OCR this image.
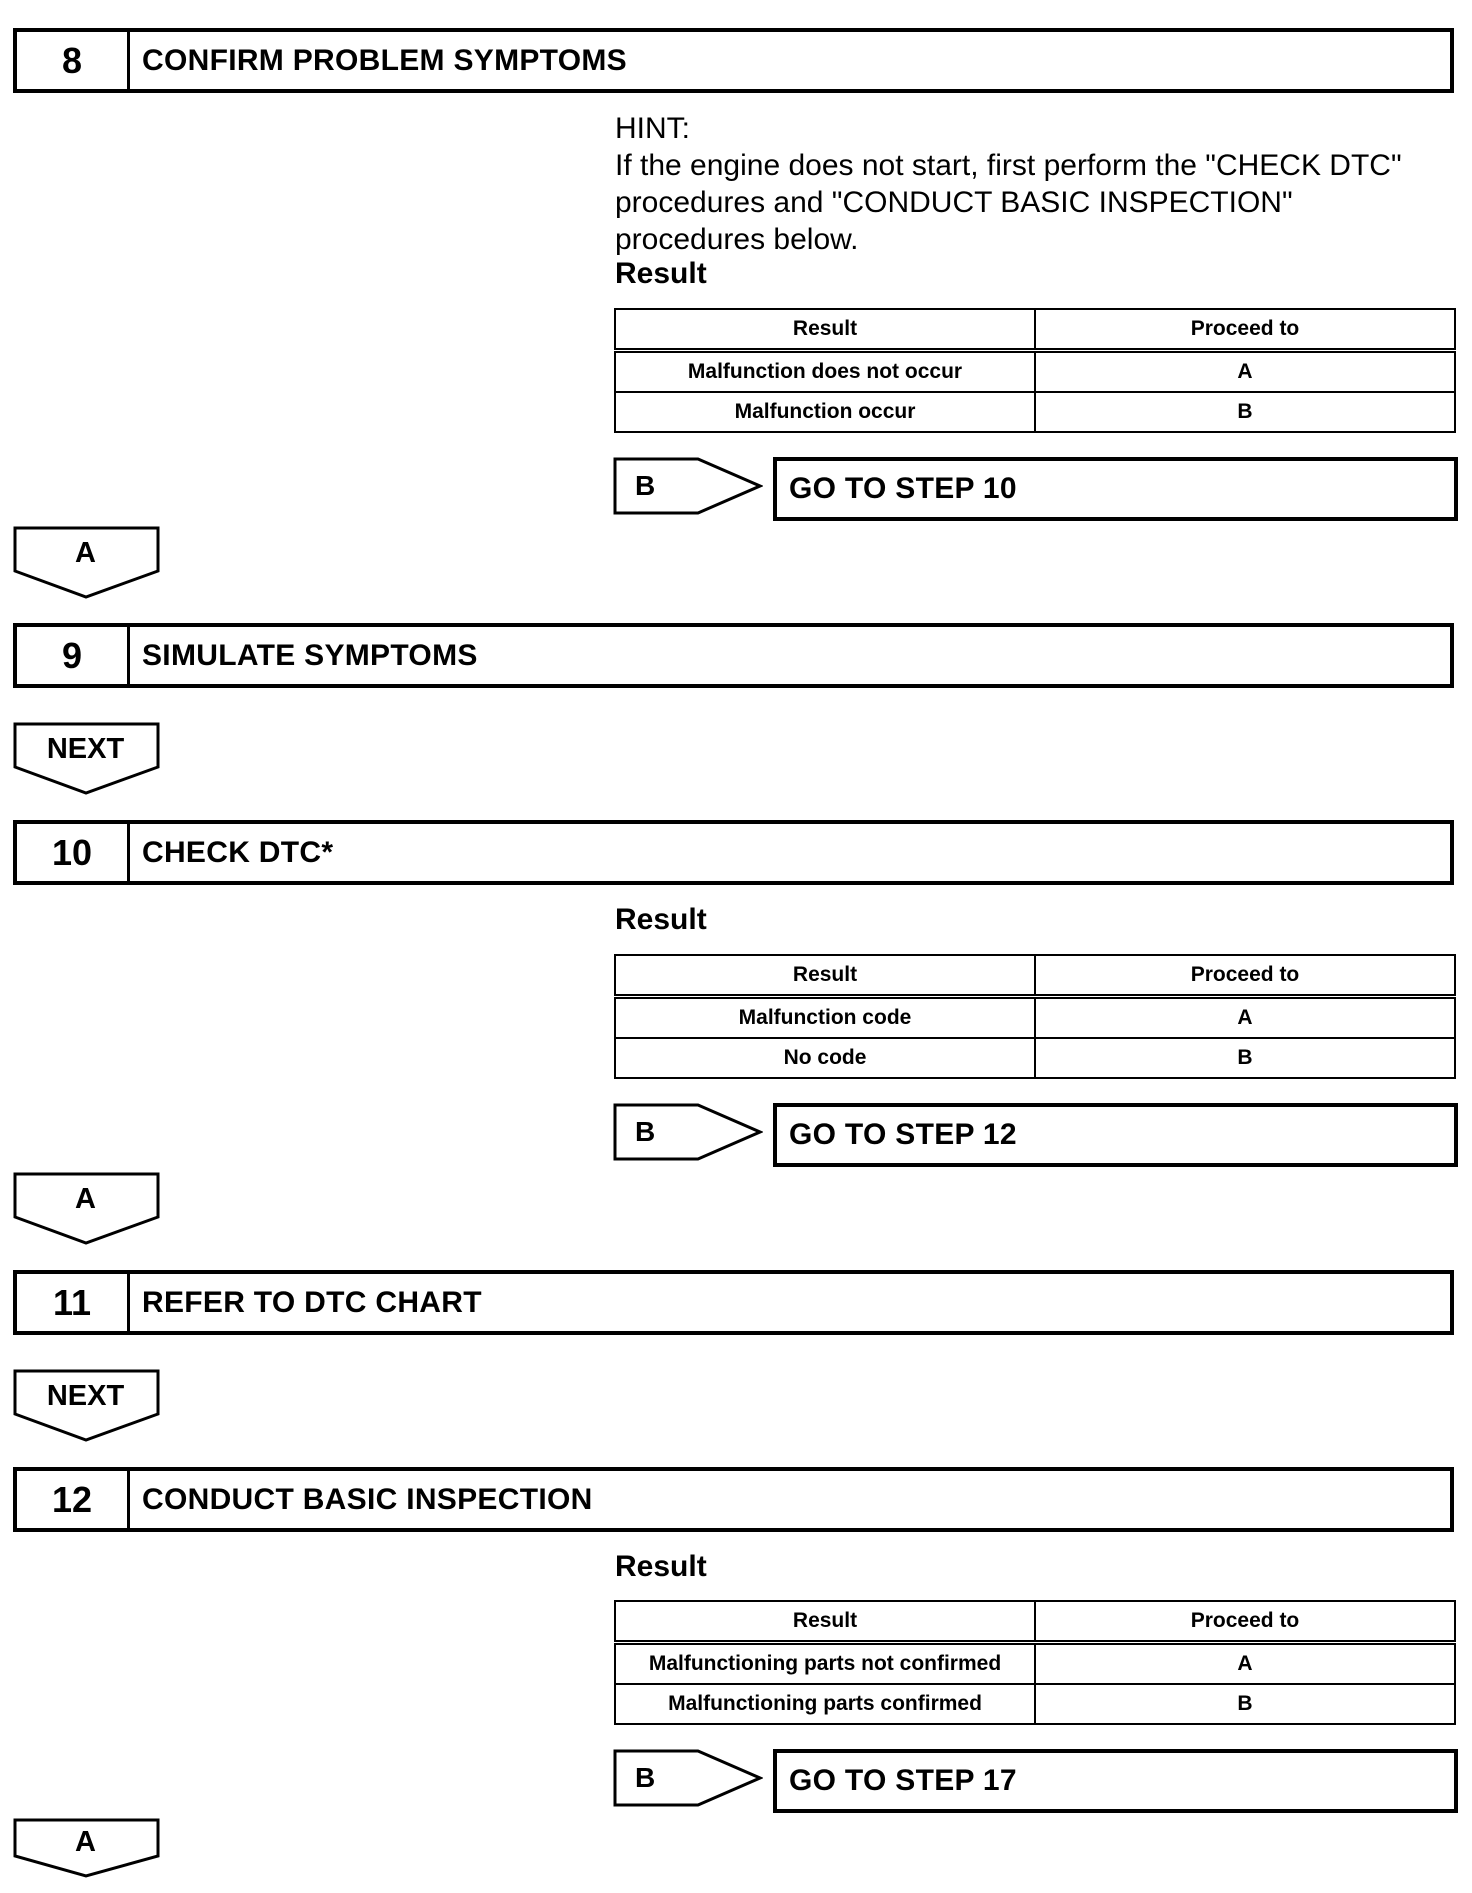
8	CONFIRM PROBLEM SYMPTOMS
HINT:
If the engine does not start, first perform the "CHECK DTC"
procedures and "CONDUCT BASIC INSPECTION"
procedures below.
Result
Result	Proceed to
Malfunction does not occur	A
Malfunction occur	B
B	GO TO STEP 10
A
9	SIMULATE SYMPTOMS
NEXT
10	CHECK DTC*
Result
Result	Proceed to
Malfunction code	A
No code	B
B	GO TO STEP 12
A
11	REFER TO DTC CHART
NEXT
12	CONDUCT BASIC INSPECTION
Result
Result	Proceed to
Malfunctioning parts not confirmed	A
Malfunctioning parts confirmed	B
B	GO TO STEP 17
A
